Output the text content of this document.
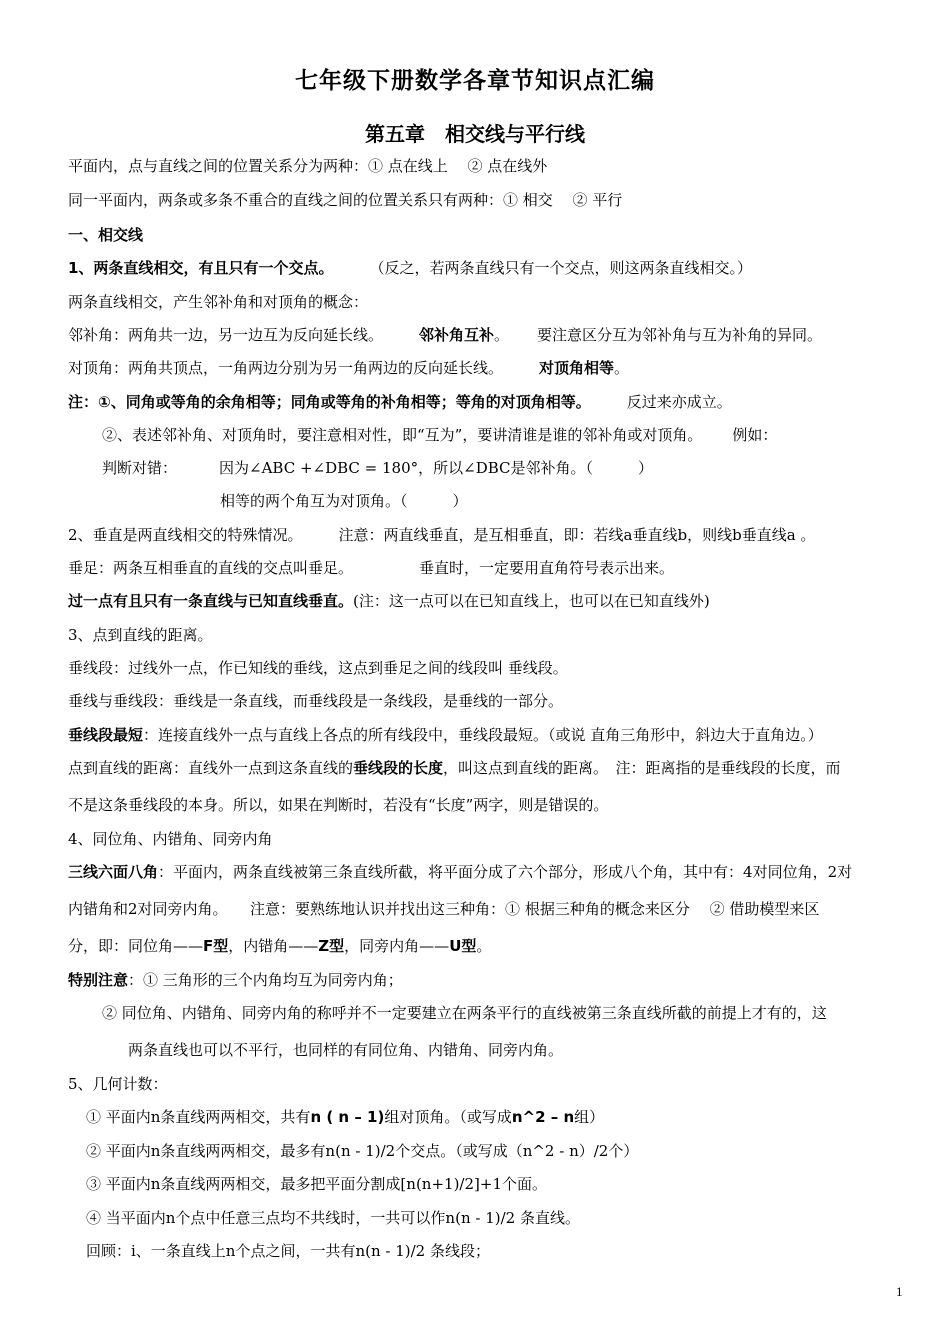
七年级下册数学各章节知识点汇编
第五章　相交线与平行线
平面内，点与直线之间的位置关系分为两种：① 点在线上　 ② 点在线外
同一平面内，两条或多条不重合的直线之间的位置关系只有两种：① 相交　 ② 平行
一、相交线
1、两条直线相交，有且只有一个交点。 （反之，若两条直线只有一个交点，则这两条直线相交。）
两条直线相交，产生邻补角和对顶角的概念：
邻补角：两角共一边，另一边互为反向延长线。 邻补角互补。 要注意区分互为邻补角与互为补角的异同。
对顶角：两角共顶点，一角两边分别为另一角两边的反向延长线。 对顶角相等。
注：①、同角或等角的余角相等；同角或等角的补角相等；等角的对顶角相等。 反过来亦成立。
②、表述邻补角、对顶角时，要注意相对性，即“互为”，要讲清谁是谁的邻补角或对顶角。 例如：
判断对错：	因为∠ABC +∠DBC = 180°，所以∠DBC是邻补角。（　　　）
相等的两个角互为对顶角。（　　　）
2、垂直是两直线相交的特殊情况。 注意：两直线垂直，是互相垂直，即：若线a垂直线b，则线b垂直线a 。
垂足：两条互相垂直的直线的交点叫垂足。	垂直时，一定要用直角符号表示出来。
过一点有且只有一条直线与已知直线垂直。(注：这一点可以在已知直线上，也可以在已知直线外)
3、点到直线的距离。
垂线段：过线外一点，作已知线的垂线，这点到垂足之间的线段叫 垂线段。
垂线与垂线段：垂线是一条直线，而垂线段是一条线段，是垂线的一部分。
垂线段最短：连接直线外一点与直线上各点的所有线段中，垂线段最短。（或说 直角三角形中，斜边大于直角边。）
点到直线的距离：直线外一点到这条直线的垂线段的长度，叫这点到直线的距离。　注：距离指的是垂线段的长度，而
不是这条垂线段的本身。所以，如果在判断时，若没有“长度”两字，则是错误的。
4、同位角、内错角、同旁内角
三线六面八角：平面内，两条直线被第三条直线所截，将平面分成了六个部分，形成八个角，其中有：4对同位角，2对
内错角和2对同旁内角。　　注意：要熟练地认识并找出这三种角：① 根据三种角的概念来区分　 ② 借助模型来区
分，即：同位角——F型，内错角——Z型，同旁内角——U型。
特别注意：① 三角形的三个内角均互为同旁内角；
② 同位角、内错角、同旁内角的称呼并不一定要建立在两条平行的直线被第三条直线所截的前提上才有的，这
两条直线也可以不平行，也同样的有同位角、内错角、同旁内角。
5、几何计数：
① 平面内n条直线两两相交，共有n ( n – 1)组对顶角。（或写成n^2 – n组）
② 平面内n条直线两两相交，最多有n(n - 1)/2个交点。（或写成（n^2 - n）/2个）
③ 平面内n条直线两两相交，最多把平面分割成[n(n+1)/2]+1个面。
④ 当平面内n个点中任意三点均不共线时，一共可以作n(n - 1)/2 条直线。
回顾：ⅰ、一条直线上n个点之间，一共有n(n - 1)/2 条线段；
1
